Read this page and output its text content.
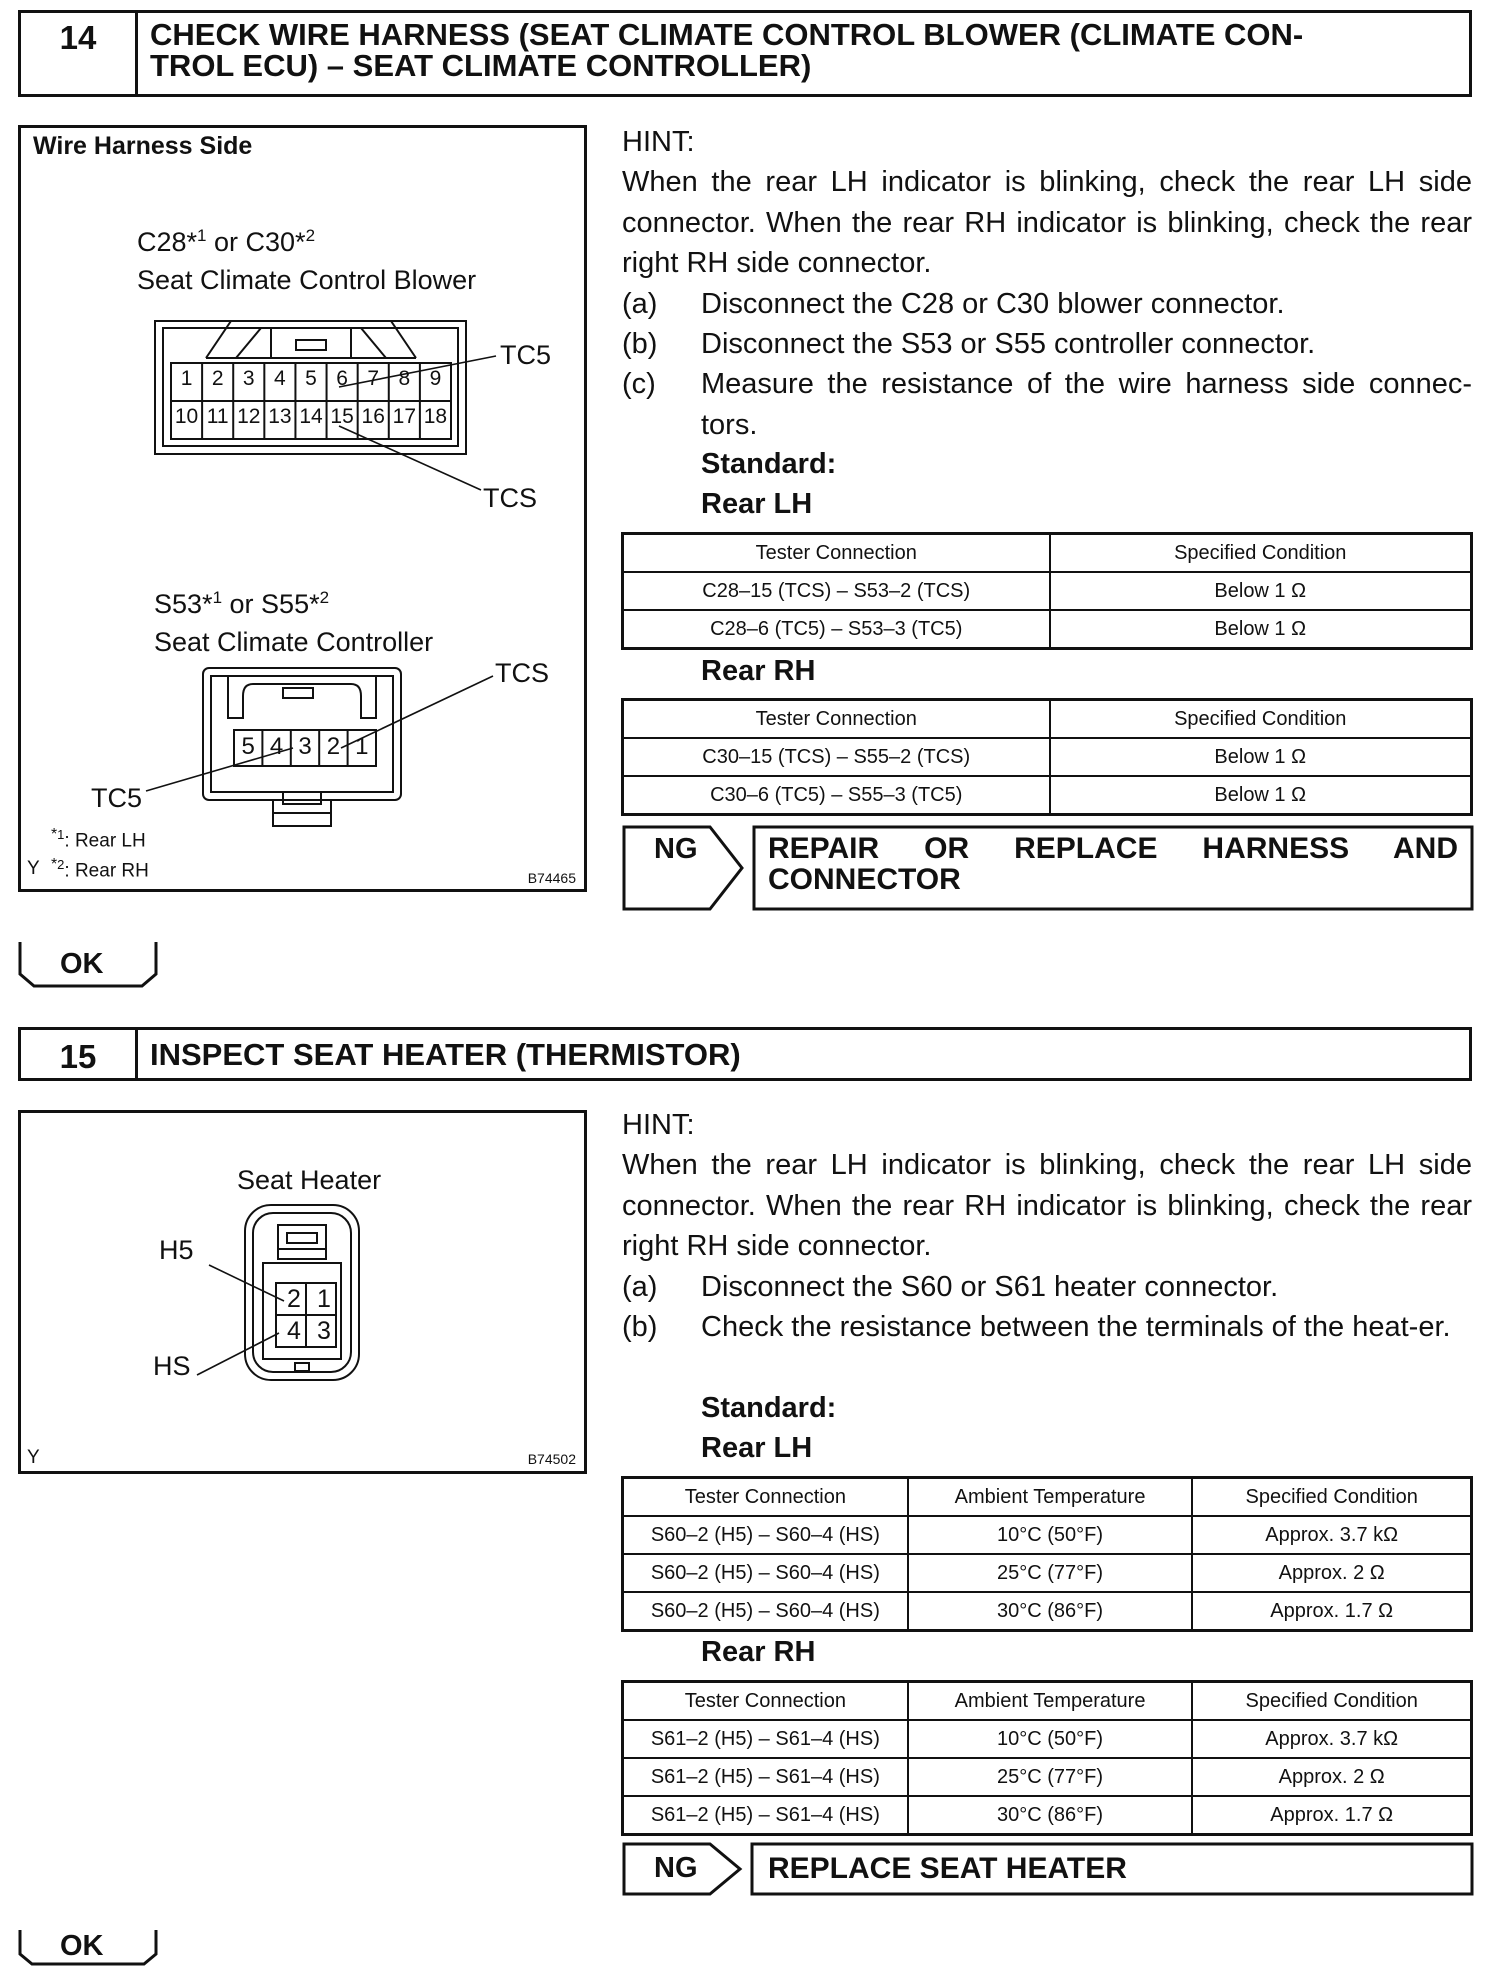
14	CHECK WIRE HARNESS (SEAT CLIMATE CONTROL BLOWER (CLIMATE CON-
TROL ECU) – SEAT CLIMATE CONTROLLER)
1
10
2
11
3
12
4
13
5
14
6
15
7
16
8
17
9
18
5 4 3 2 1
Wire Harness Side
C28*$^1$ or C30*$^2$
Seat Climate Control Blower
TC5
TCS
S53*$^1$ or S55*$^2$
Seat Climate Controller
TCS
TC5
$^{*1}$: Rear LH
Y $^{*2}$: Rear RH	B74465
HINT:
When the rear LH indicator is blinking, check the rear LH side connector. When the rear RH indicator is blinking, check the rear right RH side connector.
(a) Disconnect the C28 or C30 blower connector.
(b) Disconnect the S53 or S55 controller connector.
(c) Measure the resistance of the wire harness side connec-tors.
Standard:
Rear LH
Tester Connection	Specified Condition
C28–15 (TCS) – S53–2 (TCS)	Below 1 Ω
C28–6 (TC5) – S53–3 (TC5)	Below 1 Ω
Rear RH
Tester Connection	Specified Condition
C30–15 (TCS) – S55–2 (TCS)	Below 1 Ω
C30–6 (TC5) – S55–3 (TC5)	Below 1 Ω
NG REPAIR OR REPLACE HARNESS AND CONNECTOR
OK
15	INSPECT SEAT HEATER (THERMISTOR)
2 1
4 3
Seat Heater
H5
HS
Y	B74502
HINT:
When the rear LH indicator is blinking, check the rear LH side connector. When the rear RH indicator is blinking, check the rear right RH side connector.
(a) Disconnect the S60 or S61 heater connector.
(b) Check the resistance between the terminals of the heat-er.
Standard:
Rear LH
Tester Connection	Ambient Temperature	Specified Condition
S60–2 (H5) – S60–4 (HS)	10°C (50°F)	Approx. 3.7 kΩ
S60–2 (H5) – S60–4 (HS)	25°C (77°F)	Approx. 2 Ω
S60–2 (H5) – S60–4 (HS)	30°C (86°F)	Approx. 1.7 Ω
Rear RH
Tester Connection	Ambient Temperature	Specified Condition
S61–2 (H5) – S61–4 (HS)	10°C (50°F)	Approx. 3.7 kΩ
S61–2 (H5) – S61–4 (HS)	25°C (77°F)	Approx. 2 Ω
S61–2 (H5) – S61–4 (HS)	30°C (86°F)	Approx. 1.7 Ω
NG REPLACE SEAT HEATER
OK
